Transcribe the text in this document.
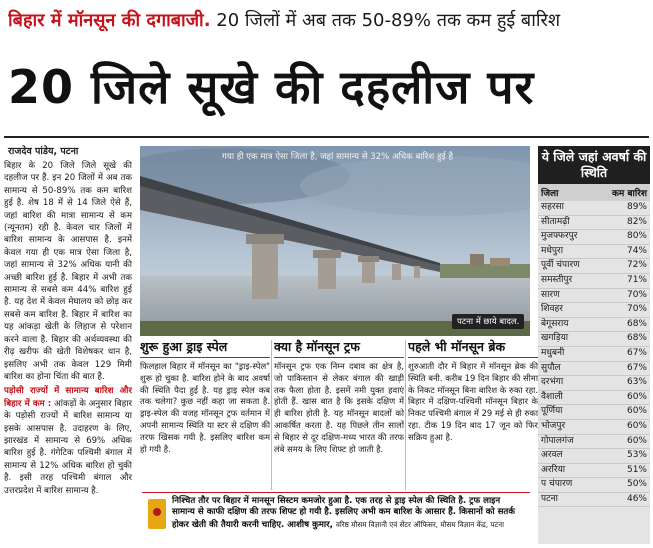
बिहार में मॉनसून की दगाबाजी. 20 जिलों में अब तक 50-89% तक कम हुई बारिश
20 जिले सूखे की दहलीज पर
राजदेव पांडेय, पटना

बिहार के 20 जिले जिले सूखे की दहलीज पर हैं. इन 20 जिलों में अब तक सामान्य से 50-89% तक कम बारिश हुई है. शेष 18 में से 14 जिले ऐसे हैं, जहां बारिश की मात्रा सामान्य से कम (न्यूनतम) रही है. केवल चार जिलों में बारिश सामान्य के आसपास है. इनमें केवल गया ही एक मात्र ऐसा जिला है, जहां सामान्य से 32% अधिक यानी की अच्छी बारिश हुई है. बिहार में अभी तक सामान्य से सबसे कम 44% बारिश हुई है. यह देश में केवल मेघालय को छोड़ कर सबसे कम बारिश है. बिहार में बारिश का यह आंकड़ा खेती के लिहाज से परेशान करने वाला है. बिहार की अर्थव्यवस्था की रीढ़ खरीफ की खेती विशेषकर धान है, इसलिए अभी तक केवल 129 मिमी बारिश का होना चिंता की बात है.

पड़ोसी राज्यों में सामान्य बारिश और बिहार में कम : आंकड़ों के अनुसार बिहार के पड़ोसी राज्यों में बारिश सामान्य या इसके आसपास है. उदाहरण के लिए, झारखंड में सामान्य से 69% अधिक बारिश हुई है. गंगेटिक पश्चिमी बंगाल में सामान्य से 12% अधिक बारिश हो चुकी है. इसी तरह पश्चिमी बंगाल और उत्तरप्रदेश में बारिश सामान्य है.

गया ही एक मात्र ऐसा जिला है, जहां सामान्य से 32% अधिक बारिश हुई है
पटना में छाये बादल.
शुरू हुआ ड्राइ स्पेल
फिलहाल बिहार में मॉनसून का "ड्राइ-स्पेल" शुरू हो चुका है. बारिश होने के बाद अवर्षा की स्थिति पैदा हुई है. यह ड्राइ स्पेल कब तक चलेगा? कुछ नहीं कहा जा सकता है. ड्राइ-स्पेल की वजह मॉनसून ट्रफ वर्तमान में अपनी सामान्य स्थिति या स्टर से दक्षिण की तरफ खिसक गयी है. इसलिए बारिश कम हो गयी है.
क्या है मॉनसून ट्रफ
मॉनसून ट्रफ एक निम्न दबाव का क्षेत्र है, जो पाकिस्तान से लेकर बंगाल की खाड़ी तक फैला होता है. इसमें नमी युक्त हवाएं होती हैं. खास बात है कि इसके दक्षिण में ही बारिश होती है. यह मॉनसून बादलों को आकर्षित करता है. यह पिछले तीन सालों से बिहार से दूर दक्षिण-मध्य भारत की तरफ लंबे समय के लिए शिफ्ट हो जाती है.
पहले भी मॉनसून ब्रेक
शुरुआती दौर में बिहार में मॉनसून ब्रेक की स्थिति बनी. करीब 19 दिन बिहार की सीमा के निकट मॉनसून बिना बारिश के रुका रहा. बिहार में दक्षिण-पश्चिमी मॉनसून बिहार के निकट पश्चिमी बंगाल में 29 मई से ही रुका रहा. टीक 19 दिन बाद 17 जून को फिर सक्रिय हुआ है.
निश्चित तौर पर बिहार में मानसून सिस्टम कमजोर हुआ है. एक तरह से ड्राइ स्पेल की स्थिति है. ट्रफ लाइन सामान्य से काफी दक्षिण की तरफ शिफ्ट हो गयी है. इसलिए अभी कम बारिश के आसार हैं. किसानों को सतर्क होकर खेती की तैयारी करनी चाहिए. आशीष कुमार, वरिष्ठ मौसम विज्ञानी एवं सेंटर ऑफिसर, मौसम विज्ञान केंद्र, पटना
ये जिले जहां अवर्षा की स्थिति
जिला	कम बारिश
सहरसा	89%
सीतामढ़ी	82%
मुजफ्फरपुर	80%
मधेपुरा	74%
पूर्वी चंपारण	72%
समस्तीपुर	71%
सारण	70%
शिवहर	70%
बेगूसराय	68%
खगड़िया	68%
मधुबनी	67%
सुपौल	67%
दरभंगा	63%
वैशाली	60%
पूर्णिया	60%
भोजपुर	60%
गोपालगंज	60%
अरवल	53%
अररिया	51%
प चंपारण	50%
पटना	46%
